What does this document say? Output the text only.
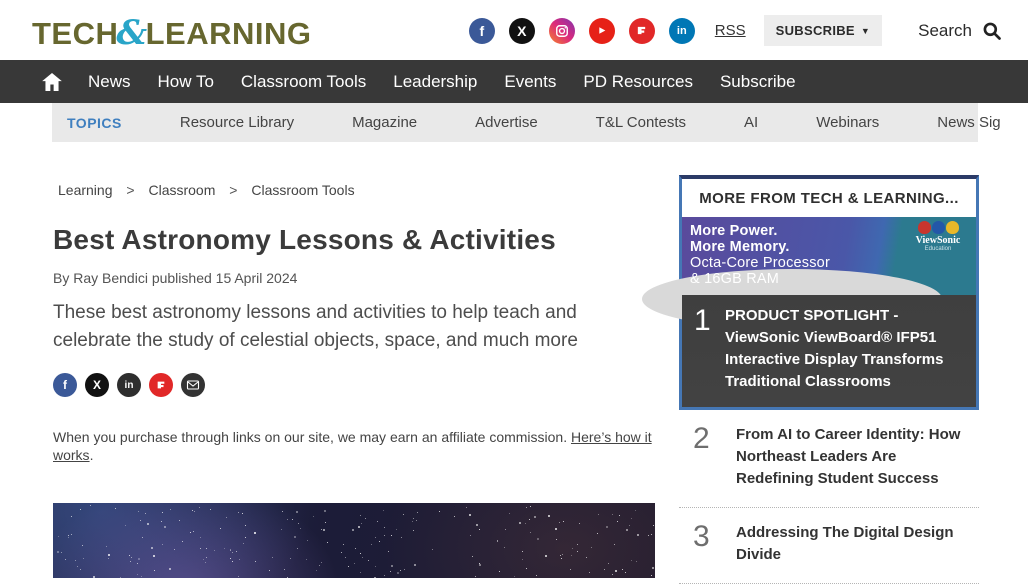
TECH&LEARNING	f	X	in	RSS SUBSCRIBE ▼	Search
News How To Classroom Tools Leadership Events PD Resources Subscribe
TOPICS	Resource Library	Magazine	Advertise	T&L Contests	AI	Webinars	News Sig
Learning > Classroom > Classroom Tools
Best Astronomy Lessons & Activities
By Ray Bendici published 15 April 2024

These best astronomy lessons and activities to help teach and celebrate the study of celestial objects, space, and much more

f	X	in

When you purchase through links on our site, we may earn an affiliate commission. Here’s how it works.

MORE FROM TECH & LEARNING...
More Power.
More Memory.
Octa-Core Processor
& 16GB RAM
ViewSonic
Education
1 PRODUCT SPOTLIGHT - ViewSonic ViewBoard® IFP51 Interactive Display Transforms Traditional Classrooms
2	From AI to Career Identity: How Northeast Leaders Are Redefining Student Success
3	Addressing The Digital Design Divide
